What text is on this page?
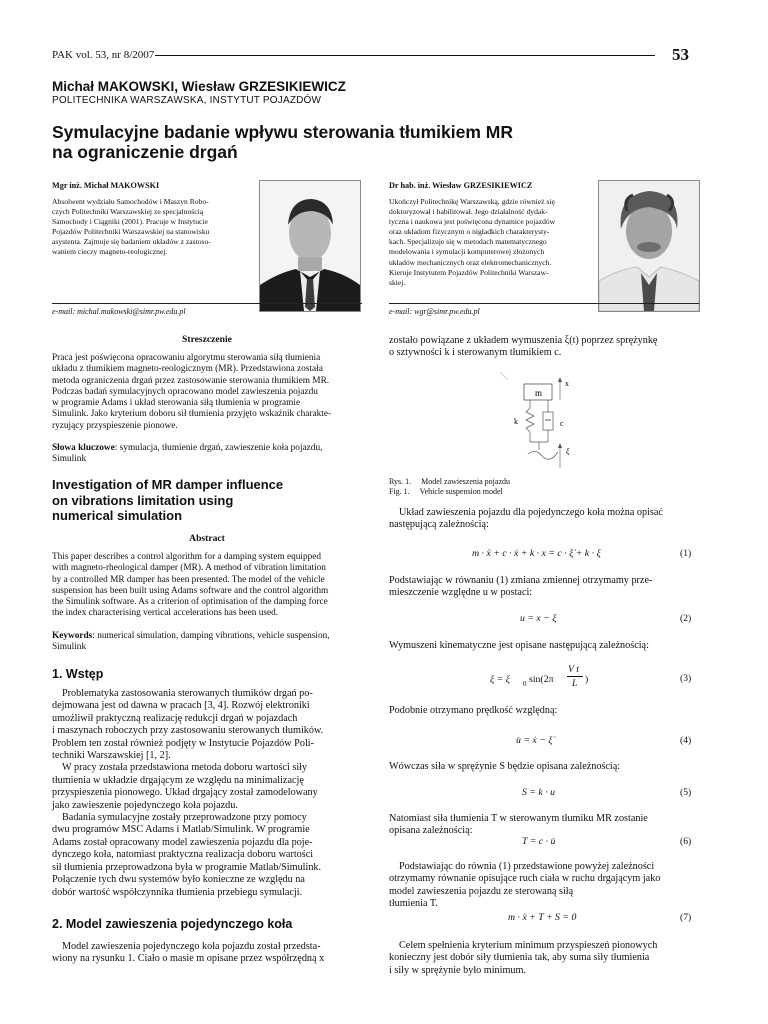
PAK vol. 53, nr 8/2007	53
Michał MAKOWSKI, Wiesław GRZESIKIEWICZ
POLITECHNIKA WARSZAWSKA, INSTYTUT POJAZDÓW
Symulacyjne badanie wpływu sterowania tłumikiem MR
na ograniczenie drgań
Mgr inż. Michał MAKOWSKI
Absolwent wydziału Samochodów i Maszyn Robo-
czych Politechniki Warszawskiej ze specjalnością
Samochody i Ciągniki (2001). Pracuje w Instytucie
Pojazdów Politechniki Warszawskiej na stanowisku
asystenta. Zajmuje się badaniem układów z zastoso-
waniem cieczy magneto-reologicznej.
e-mail: michal.makowski@simr.pw.edu.pl
Dr hab. inż. Wiesław GRZESIKIEWICZ
Ukończył Politechnikę Warszawską, gdzie również się
doktoryzował i habilitował. Jego działalność dydak-
tyczna i naukowa jest poświęcona dynamice pojazdów
oraz układom fizycznym o nigładkich charakterysty-
kach. Specjalizuje się w metodach matematycznego
modelowania i symulacji komputerowej złożonych
układów mechanicznych oraz elektromechanicznych.
Kieruje Instytutem Pojazdów Politechniki Warszaw-
skiej.
e-mail: wgr@simr.pw.edu.pl
Streszczenie
Praca jest poświęcona opracowaniu algorytmu sterowania siłą tłumienia
układu z tłumikiem magneto-reologicznym (MR). Przedstawiona została
metoda ograniczenia drgań przez zastosowanie sterowania tłumikiem MR.
Podczas badań symulacyjnych opracowano model zawieszenia pojazdu
w programie Adams i układ sterowania siłą tłumienia w programie
Simulink. Jako kryterium doboru sił tłumienia przyjęto wskaźnik charakte-
ryzujący przyspieszenie pionowe.
Słowa kluczowe: symulacja, tłumienie drgań, zawieszenie koła pojazdu,
Simulink
Investigation of MR damper influence
on vibrations limitation using
numerical simulation
Abstract
This paper describes a control algorithm for a damping system equipped
with magneto-rheological damper (MR). A method of vibration limitation
by a controlled MR damper has been presented. The model of the vehicle
suspension has been built using Adams software and the control algorithm
the Simulink software. As a criterion of optimisation of the damping force
the index characterising vertical accelerations has been used.
Keywords: numerical simulation, damping vibrations, vehicle suspension,
Simulink
1. Wstęp
Problematyka zastosowania sterowanych tłumików drgań po-
dejmowana jest od dawna w pracach [3, 4]. Rozwój elektroniki
umożliwił praktyczną realizację redukcji drgań w pojazdach
i maszynach roboczych przy zastosowaniu sterowanych tłumików.
Problem ten został również podjęty w Instytucie Pojazdów Poli-
techniki Warszawskiej [1, 2].
W pracy została przedstawiona metoda doboru wartości siły
tłumienia w układzie drgającym ze względu na minimalizację
przyspieszenia pionowego. Układ drgający został zamodelowany
jako zawieszenie pojedynczego koła pojazdu.
Badania symulacyjne zostały przeprowadzone przy pomocy
dwu programów MSC Adams i Matlab/Simulink. W programie
Adams został opracowany model zawieszenia pojazdu dla poje-
dynczego koła, natomiast praktyczna realizacja doboru wartości
sił tłumienia przeprowadzona była w programie Matlab/Simulink.
Połączenie tych dwu systemów było konieczne ze względu na
dobór wartość współczynnika tłumienia przebiegu symulacji.
2. Model zawieszenia pojedynczego koła
Model zawieszenia pojedynczego koła pojazdu został przedsta-
wiony na rysunku 1. Ciało o masie m opisane przez współrzędną x
zostało powiązane z układem wymuszenia ξ(t) poprzez sprężynkę
o sztywności k i sterowanym tłumikiem c.
m
x
k	c
ξ
Rys. 1. Model zawieszenia pojazdu
Fig. 1. Vehicle suspension model
Układ zawieszenia pojazdu dla pojedynczego koła można opisać
następującą zależnością:
m · ẍ + c · ẋ + k · x = c · ξ̇ + k · ξ	(1)
Podstawiając w równaniu (1) zmiana zmiennej otrzymamy prze-
mieszczenie względne u w postaci:
u = x − ξ	(2)
Wymuszeni kinematyczne jest opisane następującą zależnością:
ξ = ξ 0 sin(2π
V t
L )	(3)
Podobnie otrzymano prędkość względną:
u̇ = ẋ − ξ̇	(4)
Wówczas siła w sprężynie S będzie opisana zależnością:
S = k · u	(5)
Natomiast siła tłumienia T w sterowanym tłumiku MR zostanie
opisana zależnością:
T = c · u̇	(6)
Podstawiając do równia (1) przedstawione powyżej zależności
otrzymamy równanie opisujące ruch ciała w ruchu drgającym jako
model zawieszenia pojazdu ze sterowaną siłą
tłumienia T.
m · ẍ + T + S = 0	(7)
Celem spełnienia kryterium minimum przyspieszeń pionowych
konieczny jest dobór siły tłumienia tak, aby suma siły tłumienia
i siły w sprężynie było minimum.
